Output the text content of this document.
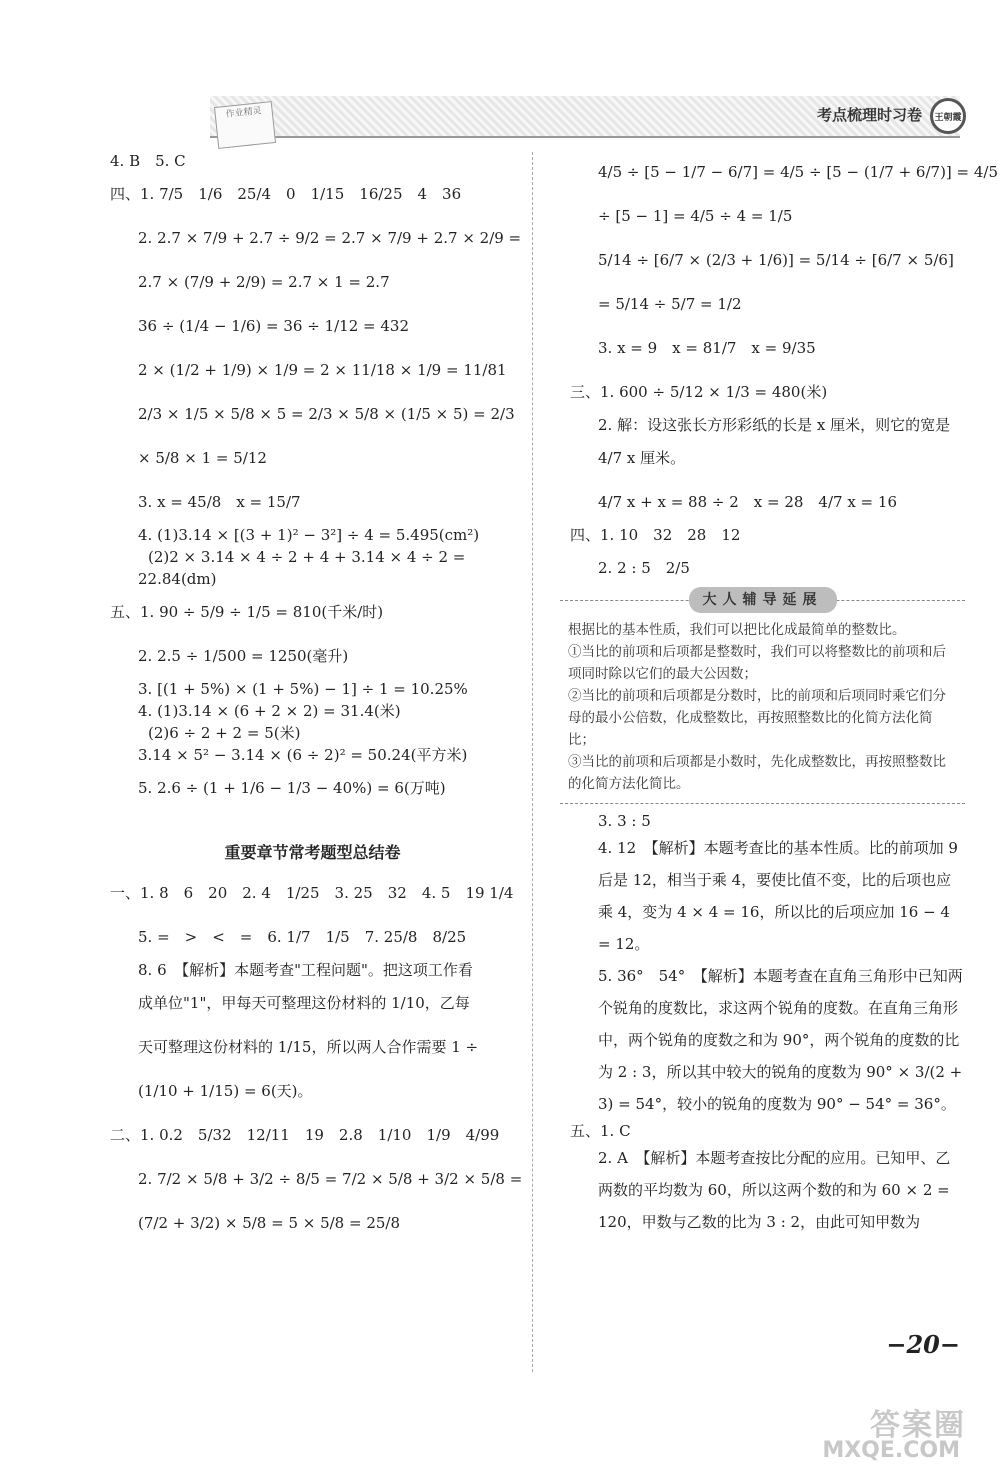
作业精灵	考点梳理时习卷	王朝霞
4. B　5. C
四、1. 7/5　1/6　25/4　0　1/15　16/25　4　36
2. 2.7 × 7/9 + 2.7 ÷ 9/2 = 2.7 × 7/9 + 2.7 × 2/9 =
2.7 × (7/9 + 2/9) = 2.7 × 1 = 2.7
36 ÷ (1/4 − 1/6) = 36 ÷ 1/12 = 432
2 × (1/2 + 1/9) × 1/9 = 2 × 11/18 × 1/9 = 11/81
2/3 × 1/5 × 5/8 × 5 = 2/3 × 5/8 × (1/5 × 5) = 2/3
× 5/8 × 1 = 5/12
3. x = 45/8　x = 15/7
4. (1)3.14 × [(3 + 1)² − 3²] ÷ 4 = 5.495(cm²)
(2)2 × 3.14 × 4 ÷ 2 + 4 + 3.14 × 4 ÷ 2 =
22.84(dm)
五、1. 90 ÷ 5/9 ÷ 1/5 = 810(千米/时)
2. 2.5 ÷ 1/500 = 1250(毫升)
3. [(1 + 5%) × (1 + 5%) − 1] ÷ 1 = 10.25%
4. (1)3.14 × (6 + 2 × 2) = 31.4(米)
(2)6 ÷ 2 + 2 = 5(米)
3.14 × 5² − 3.14 × (6 ÷ 2)² = 50.24(平方米)
5. 2.6 ÷ (1 + 1/6 − 1/3 − 40%) = 6(万吨)
重要章节常考题型总结卷
一、1. 8　6　20　2. 4　1/25　3. 25　32　4. 5　19 1/4
5. =　>　<　=　6. 1/7　1/5　7. 25/8　8/25
8. 6　【解析】本题考查"工程问题"。把这项工作看
成单位"1"，甲每天可整理这份材料的 1/10，乙每
天可整理这份材料的 1/15，所以两人合作需要 1 ÷
(1/10 + 1/15) = 6(天)。
二、1. 0.2　5/32　12/11　19　2.8　1/10　1/9　4/99
2. 7/2 × 5/8 + 3/2 ÷ 8/5 = 7/2 × 5/8 + 3/2 × 5/8 =
(7/2 + 3/2) × 5/8 = 5 × 5/8 = 25/8
4/5 ÷ [5 − 1/7 − 6/7] = 4/5 ÷ [5 − (1/7 + 6/7)] = 4/5
÷ [5 − 1] = 4/5 ÷ 4 = 1/5
5/14 ÷ [6/7 × (2/3 + 1/6)] = 5/14 ÷ [6/7 × 5/6]
= 5/14 ÷ 5/7 = 1/2
3. x = 9　x = 81/7　x = 9/35
三、1. 600 ÷ 5/12 × 1/3 = 480(米)
2. 解：设这张长方形彩纸的长是 x 厘米，则它的宽是
4/7 x 厘米。
4/7 x + x = 88 ÷ 2　x = 28　4/7 x = 16
四、1. 10　32　28　12
2. 2 : 5　2/5
大人辅导延展
根据比的基本性质，我们可以把比化成最简单的整数比。
①当比的前项和后项都是整数时，我们可以将整数比的前项和后项同时除以它们的最大公因数；
②当比的前项和后项都是分数时，比的前项和后项同时乘它们分母的最小公倍数，化成整数比，再按照整数比的化简方法化简比；
③当比的前项和后项都是小数时，先化成整数比，再按照整数比的化简方法化简比。
3. 3 : 5
4. 12　【解析】本题考查比的基本性质。比的前项加 9 后是 12，相当于乘 4，要使比值不变，比的后项也应乘 4，变为 4 × 4 = 16，所以比的后项应加 16 − 4 = 12。
5. 36°　54°　【解析】本题考查在直角三角形中已知两个锐角的度数比，求这两个锐角的度数。在直角三角形中，两个锐角的度数之和为 90°，两个锐角的度数的比为 2 : 3，所以其中较大的锐角的度数为 90° × 3/(2 + 3) = 54°，较小的锐角的度数为 90° − 54° = 36°。
五、1. C
2. A　【解析】本题考查按比分配的应用。已知甲、乙两数的平均数为 60，所以这两个数的和为 60 × 2 = 120，甲数与乙数的比为 3 : 2，由此可知甲数为
−20−
答案圈
MXQE.COM
